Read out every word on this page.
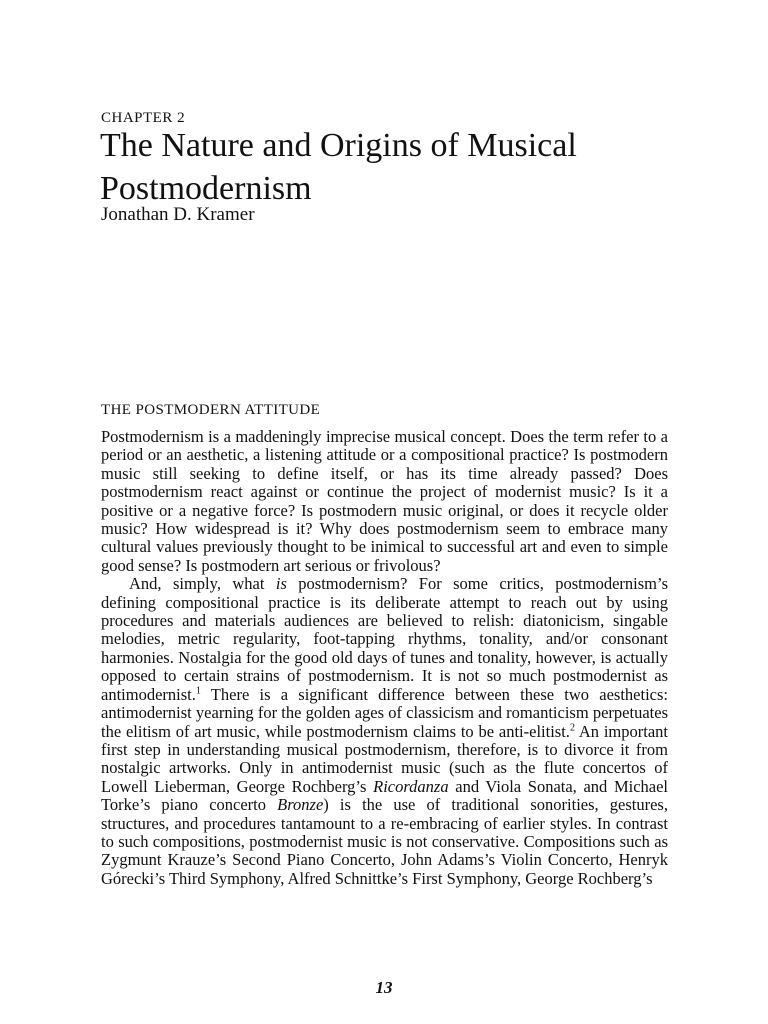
CHAPTER 2
The Nature and Origins of Musical Postmodernism
Jonathan D. Kramer
THE POSTMODERN ATTITUDE

Postmodernism is a maddeningly imprecise musical concept. Does the term refer to a period or an aesthetic, a listening attitude or a compositional practice? Is postmodern music still seeking to define itself, or has its time already passed? Does postmodernism react against or continue the project of modernist music? Is it a positive or a negative force? Is postmodern music original, or does it recycle older music? How widespread is it? Why does postmodernism seem to embrace many cultural values previously thought to be inimical to successful art and even to simple good sense? Is postmodern art serious or frivolous?

And, simply, what is postmodernism? For some critics, postmodernism’s defining compositional practice is its deliberate attempt to reach out by using procedures and materials audiences are believed to relish: diatonicism, singable melodies, metric regularity, foot-tapping rhythms, tonality, and/or consonant harmonies. Nostalgia for the good old days of tunes and tonality, however, is actually opposed to certain strains of postmodernism. It is not so much postmodernist as antimodernist.$^1$ There is a significant difference between these two aesthetics: antimodernist yearning for the golden ages of classicism and romanticism perpetuates the elitism of art music, while postmodernism claims to be anti-elitist.$^2$ An important first step in understanding musical postmodernism, therefore, is to divorce it from nostalgic artworks. Only in antimodernist music (such as the flute concertos of Lowell Lieberman, George Rochberg’s Ricordanza and Viola Sonata, and Michael Torke’s piano concerto Bronze) is the use of traditional sonorities, gestures, structures, and procedures tantamount to a re-embracing of earlier styles. In contrast to such compositions, postmodernist music is not conservative. Compositions such as Zygmunt Krauze’s Second Piano Concerto, John Adams’s Violin Concerto, Henryk Górecki’s Third Symphony, Alfred Schnittke’s First Symphony, George Rochberg’s

13
